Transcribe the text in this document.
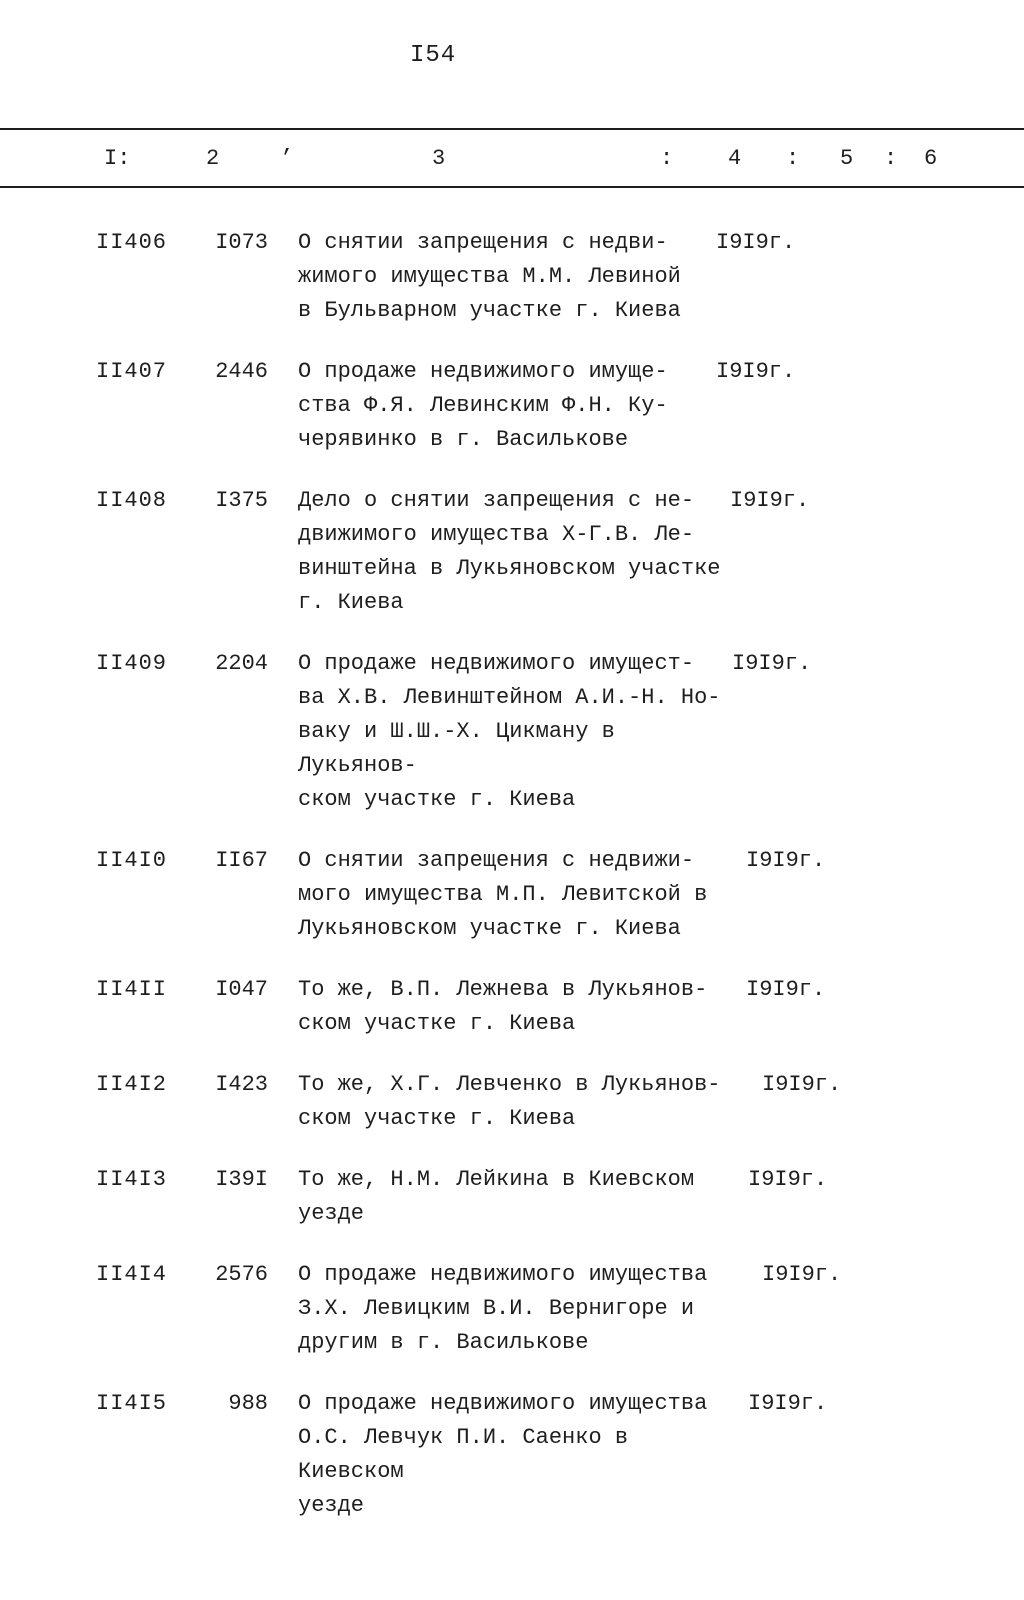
I54
I:	2	’	3	: 4 : 5 : 6
II406	I073 О снятии запрещения с недви-
жимого имущества М.М. Левиной
в Бульварном участке г. Киева
I9I9г.
II407	2446 О продаже недвижимого имуще-
ства Ф.Я. Левинским Ф.Н. Ку-
черявинко в г. Василькове
I9I9г.
II408	I375 Дело о снятии запрещения с не-
движимого имущества Х-Г.В. Ле-
винштейна в Лукьяновском участке
г. Киева
I9I9г.
II409	2204 О продаже недвижимого имущест-
ва Х.В. Левинштейном А.И.-Н. Но-
ваку и Ш.Ш.-Х. Цикману в Лукьянов-
ском участке г. Киева
I9I9г.
II4I0	II67 О снятии запрещения с недвижи-
мого имущества М.П. Левитской в
Лукьяновском участке г. Киева
I9I9г.
II4II	I047 То же, В.П. Лежнева в Лукьянов-
ском участке г. Киева
I9I9г.
II4I2	I423 То же, Х.Г. Левченко в Лукьянов-
ском участке г. Киева
I9I9г.
II4I3	I39I То же, Н.М. Лейкина в Киевском
уезде
I9I9г.
II4I4	2576 О продаже недвижимого имущества
З.Х. Левицким В.И. Вернигоре и
другим в г. Василькове
I9I9г.
II4I5	988 О продаже недвижимого имущества
О.С. Левчук П.И. Саенко в Киевском
уезде
I9I9г.
